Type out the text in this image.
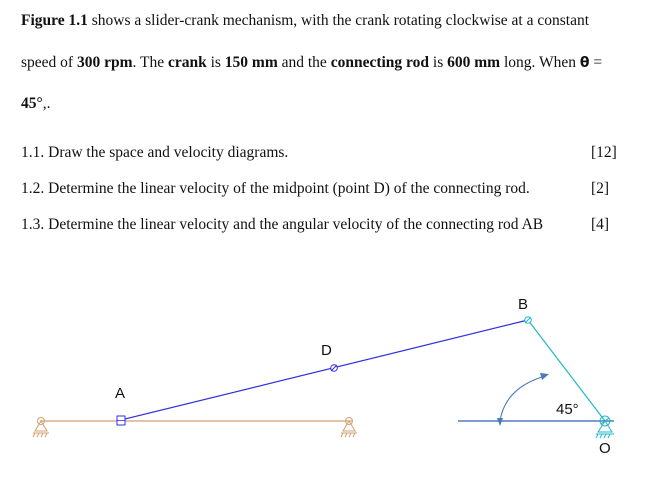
Figure 1.1 shows a slider-crank mechanism, with the crank rotating clockwise at a constant
speed of 300 rpm. The crank is 150 mm and the connecting rod is 600 mm long. When θ =
45°,.
1.1. Draw the space and velocity diagrams.	[12]
1.2. Determine the linear velocity of the midpoint (point D) of the connecting rod.	[2]
1.3. Determine the linear velocity and the angular velocity of the connecting rod AB	[4]
A
D
B
O
45°
